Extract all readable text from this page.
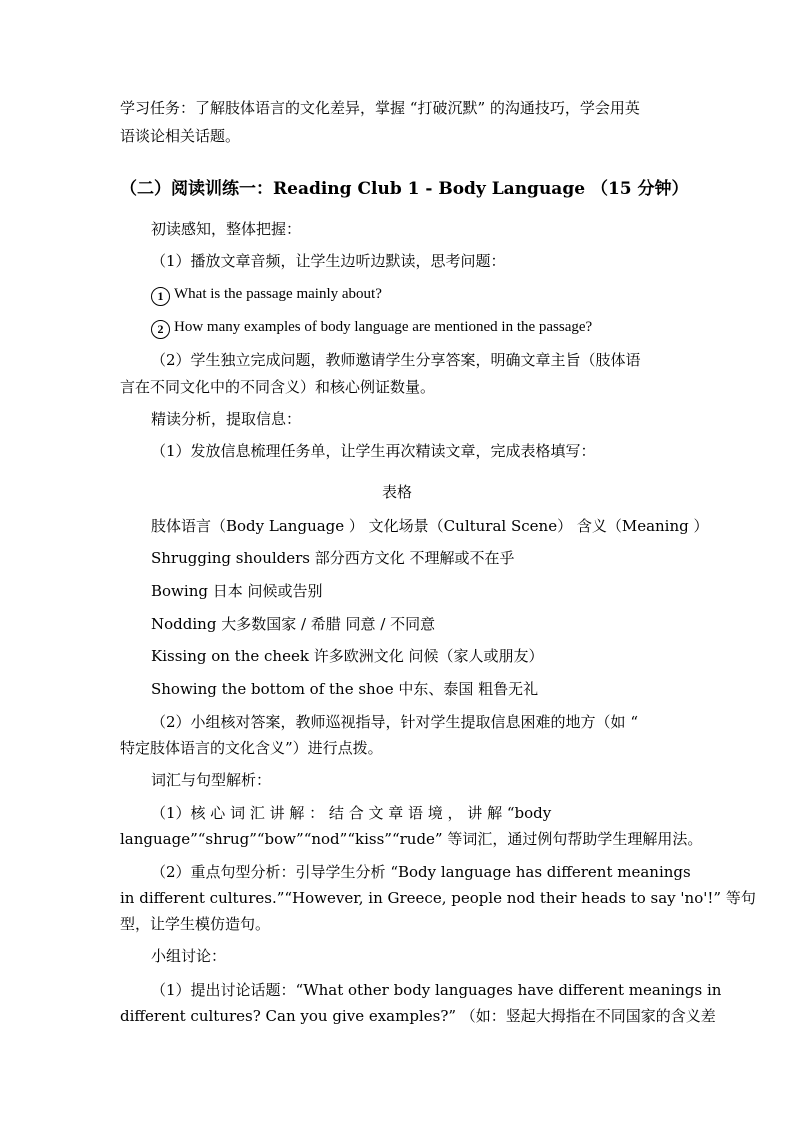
学习任务：了解肢体语言的文化差异，掌握 “打破沉默” 的沟通技巧，学会用英
语谈论相关话题。
（二）阅读训练一：Reading Club 1 - Body Language （15 分钟）
初读感知，整体把握：
（1）播放文章音频，让学生边听边默读，思考问题：
1 What is the passage mainly about?
2 How many examples of body language are mentioned in the passage?
（2）学生独立完成问题，教师邀请学生分享答案，明确文章主旨（肢体语
言在不同文化中的不同含义）和核心例证数量。
精读分析，提取信息：
（1）发放信息梳理任务单，让学生再次精读文章，完成表格填写：
表格
肢体语言（Body Language ） 文化场景（Cultural Scene） 含义（Meaning ）
Shrugging shoulders 部分西方文化 不理解或不在乎
Bowing 日本 问候或告别
Nodding 大多数国家 / 希腊 同意 / 不同意
Kissing on the cheek 许多欧洲文化 问候（家人或朋友）
Showing the bottom of the shoe 中东、泰国 粗鲁无礼
（2）小组核对答案，教师巡视指导，针对学生提取信息困难的地方（如 “
特定肢体语言的文化含义”）进行点拨。
词汇与句型解析：
（1）核 心 词 汇 讲 解 ： 结 合 文 章 语 境 ， 讲 解 “body
language”“shrug”“bow”“nod”“kiss”“rude” 等词汇，通过例句帮助学生理解用法。
（2）重点句型分析：引导学生分析 “Body language has different meanings
in different cultures.”“However, in Greece, people nod their heads to say 'no'!” 等句
型，让学生模仿造句。
小组讨论：
（1）提出讨论话题：“What other body languages have different meanings in
different cultures? Can you give examples?” （如：竖起大拇指在不同国家的含义差
